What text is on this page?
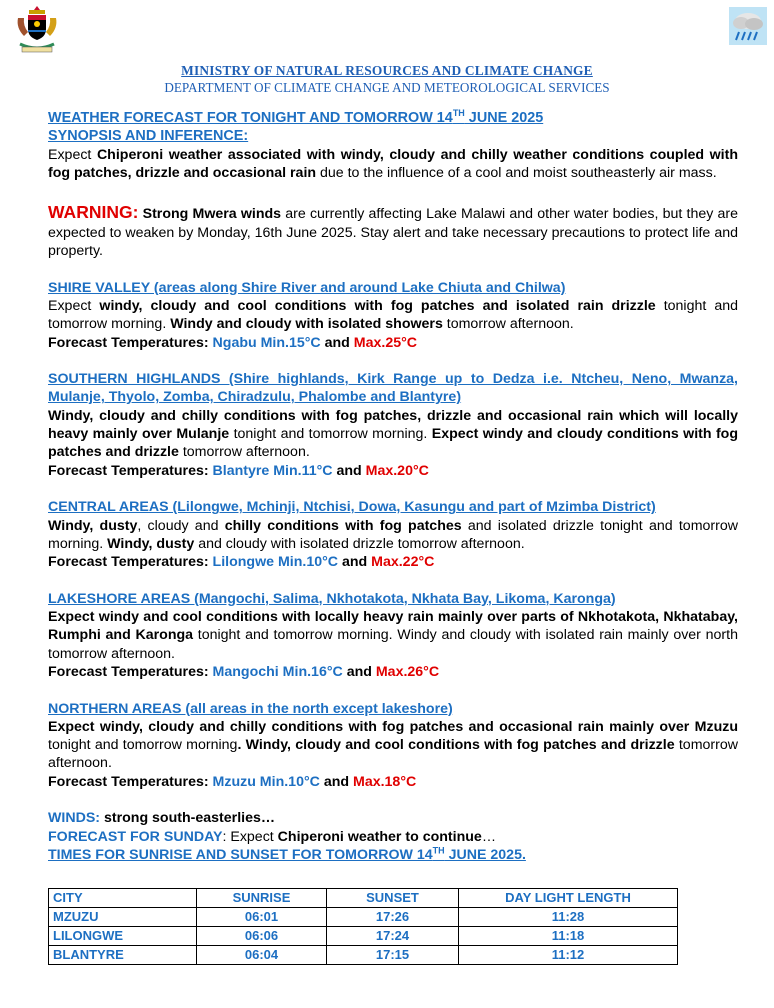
MINISTRY OF NATURAL RESOURCES AND CLIMATE CHANGE
DEPARTMENT OF CLIMATE CHANGE AND METEOROLOGICAL SERVICES

WEATHER FORECAST FOR TONIGHT AND TOMORROW 14TH JUNE 2025

SYNOPSIS AND INFERENCE:

Expect Chiperoni weather associated with windy, cloudy and chilly weather conditions coupled with fog patches, drizzle and occasional rain due to the influence of a cool and moist southeasterly air mass.

WARNING: Strong Mwera winds are currently affecting Lake Malawi and other water bodies, but they are expected to weaken by Monday, 16th June 2025. Stay alert and take necessary precautions to protect life and property.

SHIRE VALLEY (areas along Shire River and around Lake Chiuta and Chilwa)

Expect windy, cloudy and cool conditions with fog patches and isolated rain drizzle tonight and tomorrow morning. Windy and cloudy with isolated showers tomorrow afternoon.

Forecast Temperatures: Ngabu Min.15°C and Max.25°C

SOUTHERN HIGHLANDS (Shire highlands, Kirk Range up to Dedza i.e. Ntcheu, Neno, Mwanza, Mulanje, Thyolo, Zomba, Chiradzulu, Phalombe and Blantyre)

Windy, cloudy and chilly conditions with fog patches, drizzle and occasional rain which will locally heavy mainly over Mulanje tonight and tomorrow morning. Expect windy and cloudy conditions with fog patches and drizzle tomorrow afternoon.

Forecast Temperatures: Blantyre Min.11°C and Max.20°C

CENTRAL AREAS (Lilongwe, Mchinji, Ntchisi, Dowa, Kasungu and part of Mzimba District)

Windy, dusty, cloudy and chilly conditions with fog patches and isolated drizzle tonight and tomorrow morning. Windy, dusty and cloudy with isolated drizzle tomorrow afternoon.

Forecast Temperatures: Lilongwe Min.10°C and Max.22°C

LAKESHORE AREAS (Mangochi, Salima, Nkhotakota, Nkhata Bay, Likoma, Karonga)

Expect windy and cool conditions with locally heavy rain mainly over parts of Nkhotakota, Nkhatabay, Rumphi and Karonga tonight and tomorrow morning. Windy and cloudy with isolated rain mainly over north tomorrow afternoon.

Forecast Temperatures: Mangochi Min.16°C and Max.26°C

NORTHERN AREAS (all areas in the north except lakeshore)

Expect windy, cloudy and chilly conditions with fog patches and occasional rain mainly over Mzuzu tonight and tomorrow morning. Windy, cloudy and cool conditions with fog patches and drizzle tomorrow afternoon.

Forecast Temperatures: Mzuzu Min.10°C and Max.18°C

WINDS: strong south-easterlies…

FORECAST FOR SUNDAY: Expect Chiperoni weather to continue…

TIMES FOR SUNRISE AND SUNSET FOR TOMORROW 14TH JUNE 2025.

CITY	SUNRISE	SUNSET	DAY LIGHT LENGTH
MZUZU	06:01	17:26	11:28
LILONGWE	06:06	17:24	11:18
BLANTYRE	06:04	17:15	11:12
